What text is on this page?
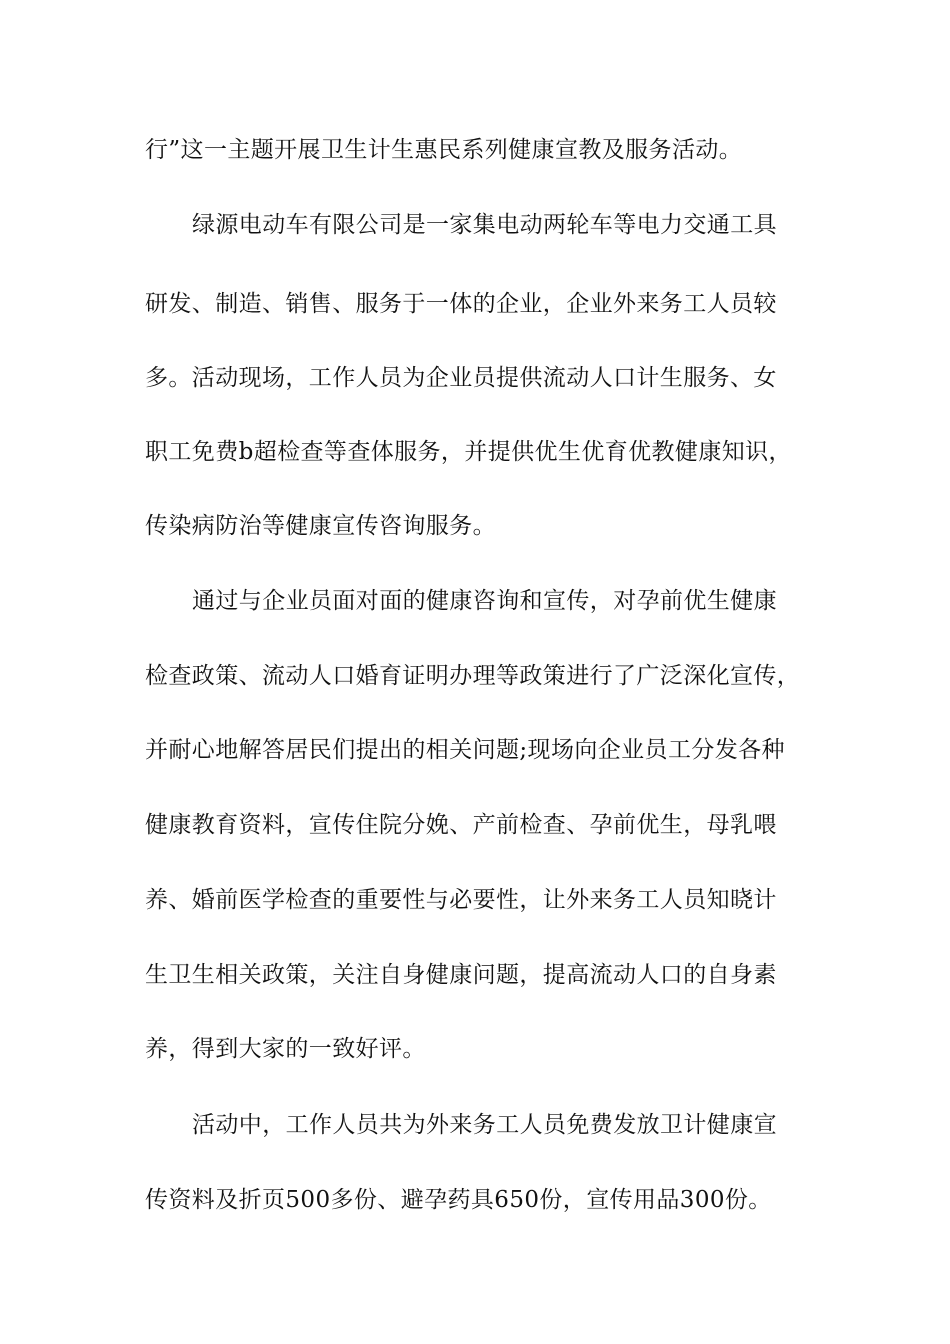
行”这一主题开展卫生计生惠民系列健康宣教及服务活动。
绿源电动车有限公司是一家集电动两轮车等电力交通工具
研发、制造、销售、服务于一体的企业，企业外来务工人员较
多。活动现场，工作人员为企业员提供流动人口计生服务、女
职工免费b超检查等查体服务，并提供优生优育优教健康知识，
传染病防治等健康宣传咨询服务。
通过与企业员面对面的健康咨询和宣传，对孕前优生健康
检查政策、流动人口婚育证明办理等政策进行了广泛深化宣传，
并耐心地解答居民们提出的相关问题;现场向企业员工分发各种
健康教育资料，宣传住院分娩、产前检查、孕前优生，母乳喂
养、婚前医学检查的重要性与必要性，让外来务工人员知晓计
生卫生相关政策，关注自身健康问题，提高流动人口的自身素
养，得到大家的一致好评。
活动中，工作人员共为外来务工人员免费发放卫计健康宣
传资料及折页500多份、避孕药具650份，宣传用品300份。
